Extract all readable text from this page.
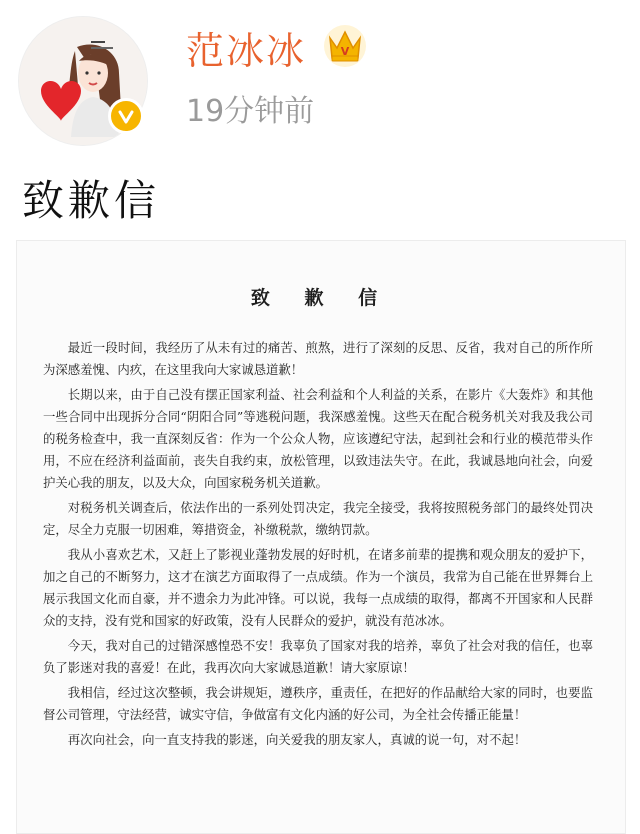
范冰冰	V
19分钟前
致歉信
致 歉 信

最近一段时间，我经历了从未有过的痛苦、煎熬，进行了深刻的反思、反省，我对自己的所作所为深感羞愧、内疚，在这里我向大家诚恳道歉！

长期以来，由于自己没有摆正国家利益、社会利益和个人利益的关系，在影片《大轰炸》和其他一些合同中出现拆分合同“阴阳合同”等逃税问题，我深感羞愧。这些天在配合税务机关对我及我公司的税务检查中，我一直深刻反省：作为一个公众人物，应该遵纪守法，起到社会和行业的模范带头作用，不应在经济利益面前，丧失自我约束，放松管理，以致违法失守。在此，我诚恳地向社会，向爱护关心我的朋友，以及大众，向国家税务机关道歉。

对税务机关调查后，依法作出的一系列处罚决定，我完全接受，我将按照税务部门的最终处罚决定，尽全力克服一切困难，筹措资金，补缴税款，缴纳罚款。

我从小喜欢艺术，又赶上了影视业蓬勃发展的好时机，在诸多前辈的提携和观众朋友的爱护下，加之自己的不断努力，这才在演艺方面取得了一点成绩。作为一个演员，我常为自己能在世界舞台上展示我国文化而自豪，并不遗余力为此冲锋。可以说，我每一点成绩的取得，都离不开国家和人民群众的支持，没有党和国家的好政策，没有人民群众的爱护，就没有范冰冰。

今天，我对自己的过错深感惶恐不安！我辜负了国家对我的培养，辜负了社会对我的信任，也辜负了影迷对我的喜爱！在此，我再次向大家诚恳道歉！请大家原谅！

我相信，经过这次整顿，我会讲规矩，遵秩序，重责任，在把好的作品献给大家的同时，也要监督公司管理，守法经营，诚实守信，争做富有文化内涵的好公司，为全社会传播正能量！

再次向社会，向一直支持我的影迷，向关爱我的朋友家人，真诚的说一句，对不起！
